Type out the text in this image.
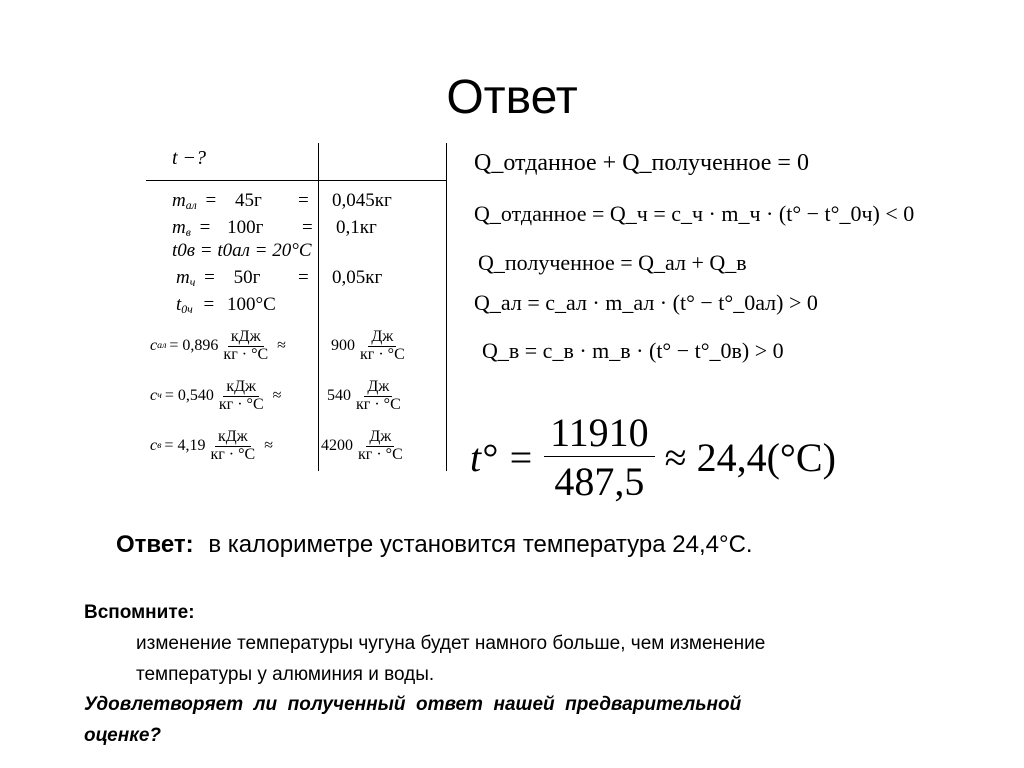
Ответ
t −?
$m_{ал} = 45г = 0,045кг$
$m_в = 100г = 0,1кг$
t0в = t0ал = 20°C
$m_ч = 50г = 0,05кг$
$t_{0ч} = 100^\circ C$
c ал = $0,896 \frac{\text{кДж}}{кг \cdot ^\circ C}$ ≈	$900 \frac{Дж}{кг \cdot ^\circ C}$
c $ч = 0,540 \frac{\text{кДж}}{кг \cdot ^\circ C}$ ≈	$540 \frac{Дж}{кг \cdot ^\circ C}$
c $в = 4,19 \frac{\text{кДж}}{кг \cdot ^\circ C}$ ≈	$4200 \frac{Дж}{кг \cdot ^\circ C}$
Q_отданное + Q_полученное = 0
Q_отданное = Q_ч = c_ч · m_ч · (t° − t°_0ч) < 0
Q_полученное = Q_ал + Q_в
Q_ал = c_ал · m_ал · (t° − t°_0ал) > 0
Q_в = c_в · m_в · (t° − t°_0в) > 0
$t^\circ = \frac{11910}{487,5} \approx 24,4(^\circ C)$
Ответ: в калориметре установится температура 24,4°C.
Вспомните:
изменение температуры чугуна будет намного больше, чем изменение
температуры у алюминия и воды.
Удовлетворяет  ли  полученный  ответ  нашей  предварительной
оценке?
